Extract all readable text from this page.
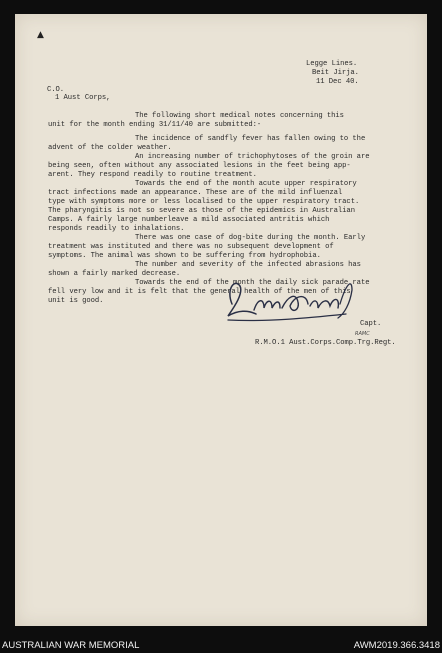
▲

Legge Lines.

Beit Jirja.

11 Dec 40.

C.O.

1 Aust Corps,

The following short medical notes concerning this

unit for the month ending 31/11/40 are submitted:-

The incidence of sandfly fever has fallen owing to the

advent of the colder weather.

An increasing number of trichophytoses of the groin are

being seen, often without any associated lesions in the feet being app-

arent. They respond readily to routine treatment.

Towards the end of the month acute upper respiratory

tract infections made an appearance. These are of the mild influenzal

type with symptoms more or less localised to the upper respiratory tract.

The pharyngitis is not so severe as those of the epidemics in Australian

Camps. A fairly large numberleave a mild associated antritis which

responds readily to inhalations.

There was one case of dog-bite during the month. Early

treatment was instituted and there was no subsequent development of

symptoms. The animal was shown to be suffering from hydrophobia.

The number and severity of the infected abrasions has

shown a fairly marked decrease.

Towards the end of the month the daily sick parade rate

fell very low and it is felt that the general health of the men of this

unit is good.

Capt.

RAMC

R.M.O.1 Aust.Corps.Comp.Trg.Regt.

AUSTRALIAN WAR MEMORIAL	AWM2019.366.3418
